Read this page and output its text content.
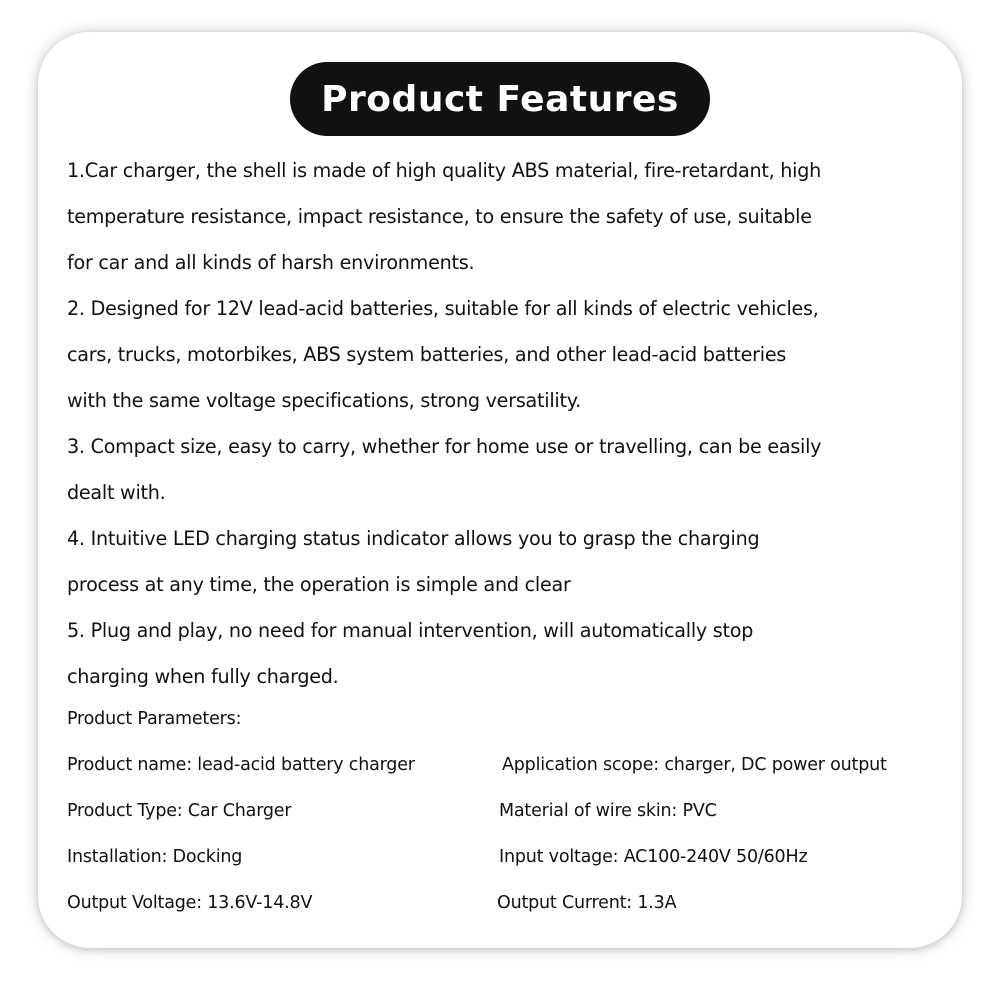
Product Features
1.Car charger, the shell is made of high quality ABS material, fire-retardant, high
temperature resistance, impact resistance, to ensure the safety of use, suitable
for car and all kinds of harsh environments.
2. Designed for 12V lead-acid batteries, suitable for all kinds of electric vehicles,
cars, trucks, motorbikes, ABS system batteries, and other lead-acid batteries
with the same voltage specifications, strong versatility.
3. Compact size, easy to carry, whether for home use or travelling, can be easily
dealt with.
4. Intuitive LED charging status indicator allows you to grasp the charging
process at any time, the operation is simple and clear
5. Plug and play, no need for manual intervention, will automatically stop
charging when fully charged.
Product Parameters:
Product name: lead-acid battery charger
Product Type: Car Charger
Installation: Docking
Output Voltage: 13.6V-14.8V
Application scope: charger, DC power output
Material of wire skin: PVC
Input voltage: AC100-240V 50/60Hz
Output Current: 1.3A
